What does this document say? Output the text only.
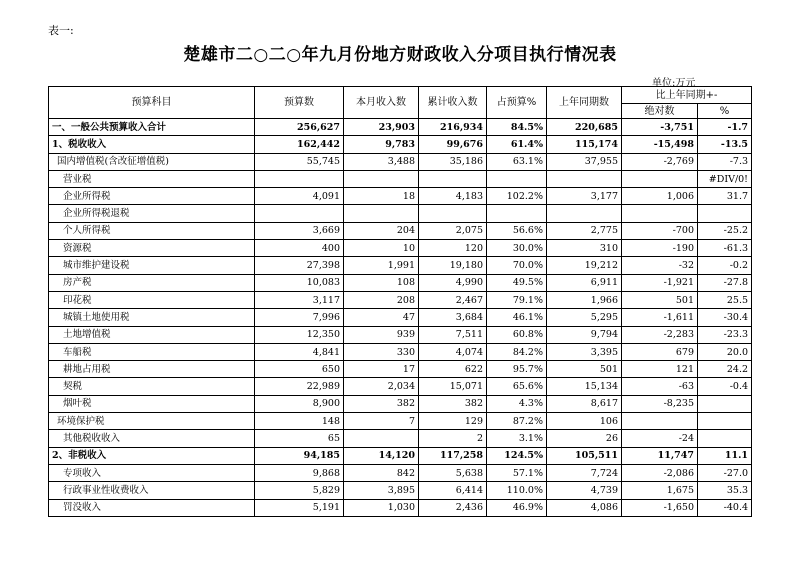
表一:
楚雄市二○二○年九月份地方财政收入分项目执行情况表
单位:万元
预算科目	预算数	本月收入数	累计收入数	占预算%	上年同期数	比上年同期+-	
						绝对数	%
一、一般公共预算收入合计	256,627	23,903	216,934	84.5%	220,685	-3,751	-1.7
1、税收收入	162,442	9,783	99,676	61.4%	115,174	-15,498	-13.5
国内增值税(含改征增值税)	55,745	3,488	35,186	63.1%	37,955	-2,769	-7.3
营业税							#DIV/0!
企业所得税	4,091	18	4,183	102.2%	3,177	1,006	31.7
企业所得税退税							
个人所得税	3,669	204	2,075	56.6%	2,775	-700	-25.2
资源税	400	10	120	30.0%	310	-190	-61.3
城市维护建设税	27,398	1,991	19,180	70.0%	19,212	-32	-0.2
房产税	10,083	108	4,990	49.5%	6,911	-1,921	-27.8
印花税	3,117	208	2,467	79.1%	1,966	501	25.5
城镇土地使用税	7,996	47	3,684	46.1%	5,295	-1,611	-30.4
土地增值税	12,350	939	7,511	60.8%	9,794	-2,283	-23.3
车船税	4,841	330	4,074	84.2%	3,395	679	20.0
耕地占用税	650	17	622	95.7%	501	121	24.2
契税	22,989	2,034	15,071	65.6%	15,134	-63	-0.4
烟叶税	8,900	382	382	4.3%	8,617	-8,235	
环境保护税	148	7	129	87.2%	106		
其他税收收入	65		2	3.1%	26	-24	
2、非税收入	94,185	14,120	117,258	124.5%	105,511	11,747	11.1
专项收入	9,868	842	5,638	57.1%	7,724	-2,086	-27.0
行政事业性收费收入	5,829	3,895	6,414	110.0%	4,739	1,675	35.3
罚没收入	5,191	1,030	2,436	46.9%	4,086	-1,650	-40.4
